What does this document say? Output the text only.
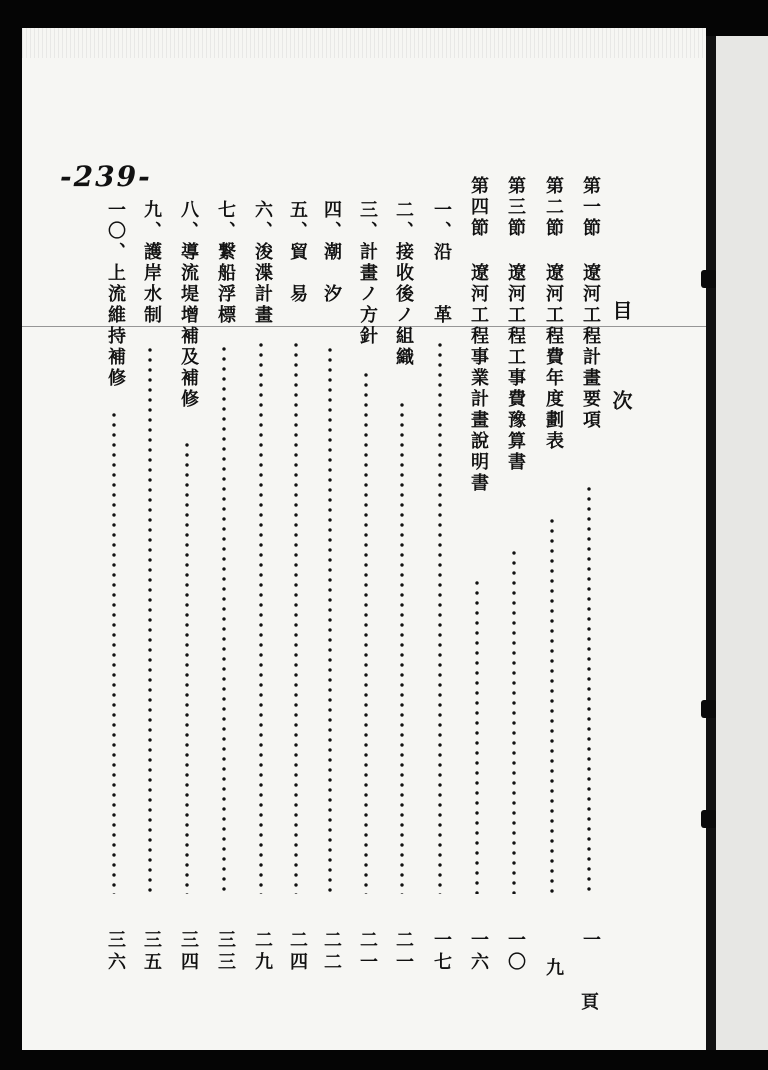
-239-
目次
第一節 遼河工程計畫要項
一
第二節 遼河工程費年度劃表
九
第三節 遼河工程工事費豫算書
一〇
第四節 遼河工程事業計畫說明書
一六
一、沿　　革
一七
二、接收後ノ組織
二一
三、計畫ノ方針
二一
四、潮　汐
二二
五、貿　易
二四
六、浚渫計畫
二九
七、繋船浮標
三三
八、導流堤增補及補修
三四
九、護岸水制
三五
一〇、上流維持補修
三六
頁
